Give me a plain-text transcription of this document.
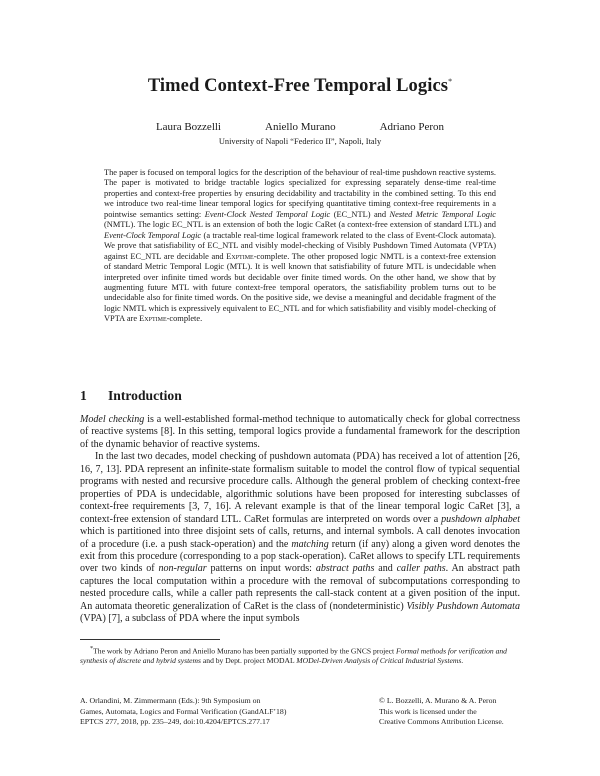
Timed Context-Free Temporal Logics*
Laura Bozzelli	Aniello Murano	Adriano Peron
University of Napoli “Federico II”, Napoli, Italy

The paper is focused on temporal logics for the description of the behaviour of real-time pushdown reactive systems. The paper is motivated to bridge tractable logics specialized for expressing separately dense-time real-time properties and context-free properties by ensuring decidability and tractability in the combined setting. To this end we introduce two real-time linear temporal logics for specifying quantitative timing context-free requirements in a pointwise semantics setting: Event-Clock Nested Temporal Logic (EC_NTL) and Nested Metric Temporal Logic (NMTL). The logic EC_NTL is an extension of both the logic CaRet (a context-free extension of standard LTL) and Event-Clock Temporal Logic (a tractable real-time logical framework related to the class of Event-Clock automata). We prove that satisfiability of EC_NTL and visibly model-checking of Visibly Pushdown Timed Automata (VPTA) against EC_NTL are decidable and Exptime-complete. The other proposed logic NMTL is a context-free extension of standard Metric Temporal Logic (MTL). It is well known that satisfiability of future MTL is undecidable when interpreted over infinite timed words but decidable over finite timed words. On the other hand, we show that by augmenting future MTL with future context-free temporal operators, the satisfiability problem turns out to be undecidable also for finite timed words. On the positive side, we devise a meaningful and decidable fragment of the logic NMTL which is expressively equivalent to EC_NTL and for which satisfiability and visibly model-checking of VPTA are Exptime-complete.

1 Introduction

Model checking is a well-established formal-method technique to automatically check for global correctness of reactive systems [8]. In this setting, temporal logics provide a fundamental framework for the description of the dynamic behavior of reactive systems.

In the last two decades, model checking of pushdown automata (PDA) has received a lot of attention [26, 16, 7, 13]. PDA represent an infinite-state formalism suitable to model the control flow of typical sequential programs with nested and recursive procedure calls. Although the general problem of checking context-free properties of PDA is undecidable, algorithmic solutions have been proposed for interesting subclasses of context-free requirements [3, 7, 16]. A relevant example is that of the linear temporal logic CaRet [3], a context-free extension of standard LTL. CaRet formulas are interpreted on words over a pushdown alphabet which is partitioned into three disjoint sets of calls, returns, and internal symbols. A call denotes invocation of a procedure (i.e. a push stack-operation) and the matching return (if any) along a given word denotes the exit from this procedure (corresponding to a pop stack-operation). CaRet allows to specify LTL requirements over two kinds of non-regular patterns on input words: abstract paths and caller paths. An abstract path captures the local computation within a procedure with the removal of subcomputations corresponding to nested procedure calls, while a caller path represents the call-stack content at a given position of the input. An automata theoretic generalization of CaRet is the class of (nondeterministic) Visibly Pushdown Automata (VPA) [7], a subclass of PDA where the input symbols

*The work by Adriano Peron and Aniello Murano has been partially supported by the GNCS project Formal methods for verification and synthesis of discrete and hybrid systems and by Dept. project MODAL MODel-Driven Analysis of Critical Industrial Systems.

A. Orlandini, M. Zimmermann (Eds.): 9th Symposium on
Games, Automata, Logics and Formal Verification (GandALF’18)
EPTCS 277, 2018, pp. 235–249, doi:10.4204/EPTCS.277.17
© L. Bozzelli, A. Murano & A. Peron
This work is licensed under the
Creative Commons Attribution License.
